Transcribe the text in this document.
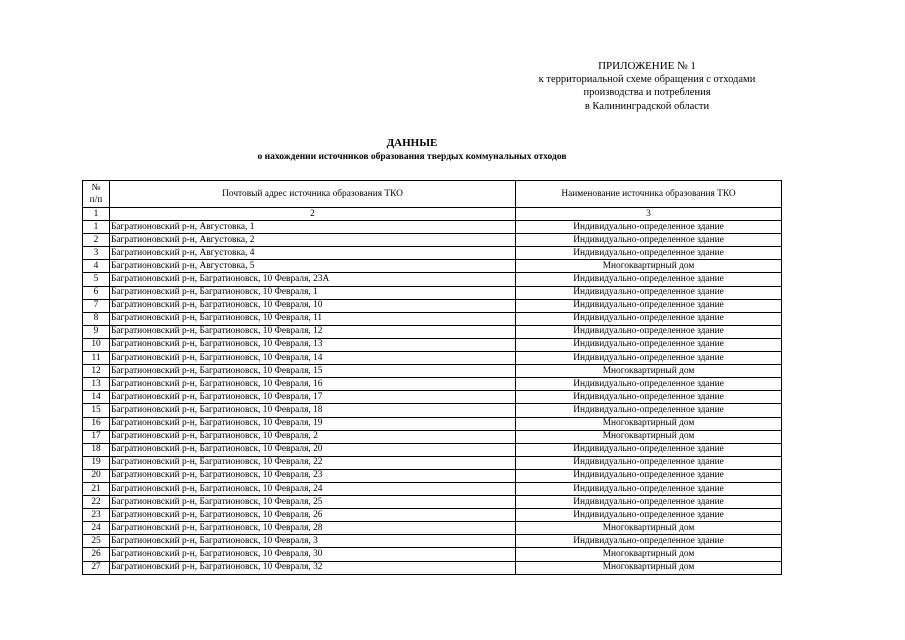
ПРИЛОЖЕНИЕ № 1
к территориальной схеме обращения с отходами
производства и потребления
в Калининградской области
ДАННЫЕ
о нахождении источников образования твердых коммунальных отходов
№
п/п	Почтовый адрес источника образования ТКО	Наименование источника образования ТКО
1	2	3
1	Багратионовский р-н, Августовка, 1	Индивидуально-определенное здание
2	Багратионовский р-н, Августовка, 2	Индивидуально-определенное здание
3	Багратионовский р-н, Августовка, 4	Индивидуально-определенное здание
4	Багратионовский р-н, Августовка, 5	Многоквартирный дом
5	Багратионовский р-н, Багратионовск, 10 Февраля, 23А	Индивидуально-определенное здание
6	Багратионовский р-н, Багратионовск, 10 Февраля, 1	Индивидуально-определенное здание
7	Багратионовский р-н, Багратионовск, 10 Февраля, 10	Индивидуально-определенное здание
8	Багратионовский р-н, Багратионовск, 10 Февраля, 11	Индивидуально-определенное здание
9	Багратионовский р-н, Багратионовск, 10 Февраля, 12	Индивидуально-определенное здание
10	Багратионовский р-н, Багратионовск, 10 Февраля, 13	Индивидуально-определенное здание
11	Багратионовский р-н, Багратионовск, 10 Февраля, 14	Индивидуально-определенное здание
12	Багратионовский р-н, Багратионовск, 10 Февраля, 15	Многоквартирный дом
13	Багратионовский р-н, Багратионовск, 10 Февраля, 16	Индивидуально-определенное здание
14	Багратионовский р-н, Багратионовск, 10 Февраля, 17	Индивидуально-определенное здание
15	Багратионовский р-н, Багратионовск, 10 Февраля, 18	Индивидуально-определенное здание
16	Багратионовский р-н, Багратионовск, 10 Февраля, 19	Многоквартирный дом
17	Багратионовский р-н, Багратионовск, 10 Февраля, 2	Многоквартирный дом
18	Багратионовский р-н, Багратионовск, 10 Февраля, 20	Индивидуально-определенное здание
19	Багратионовский р-н, Багратионовск, 10 Февраля, 22	Индивидуально-определенное здание
20	Багратионовский р-н, Багратионовск, 10 Февраля, 23	Индивидуально-определенное здание
21	Багратионовский р-н, Багратионовск, 10 Февраля, 24	Индивидуально-определенное здание
22	Багратионовский р-н, Багратионовск, 10 Февраля, 25	Индивидуально-определенное здание
23	Багратионовский р-н, Багратионовск, 10 Февраля, 26	Индивидуально-определенное здание
24	Багратионовский р-н, Багратионовск, 10 Февраля, 28	Многоквартирный дом
25	Багратионовский р-н, Багратионовск, 10 Февраля, 3	Индивидуально-определенное здание
26	Багратионовский р-н, Багратионовск, 10 Февраля, 30	Многоквартирный дом
27	Багратионовский р-н, Багратионовск, 10 Февраля, 32	Многоквартирный дом
